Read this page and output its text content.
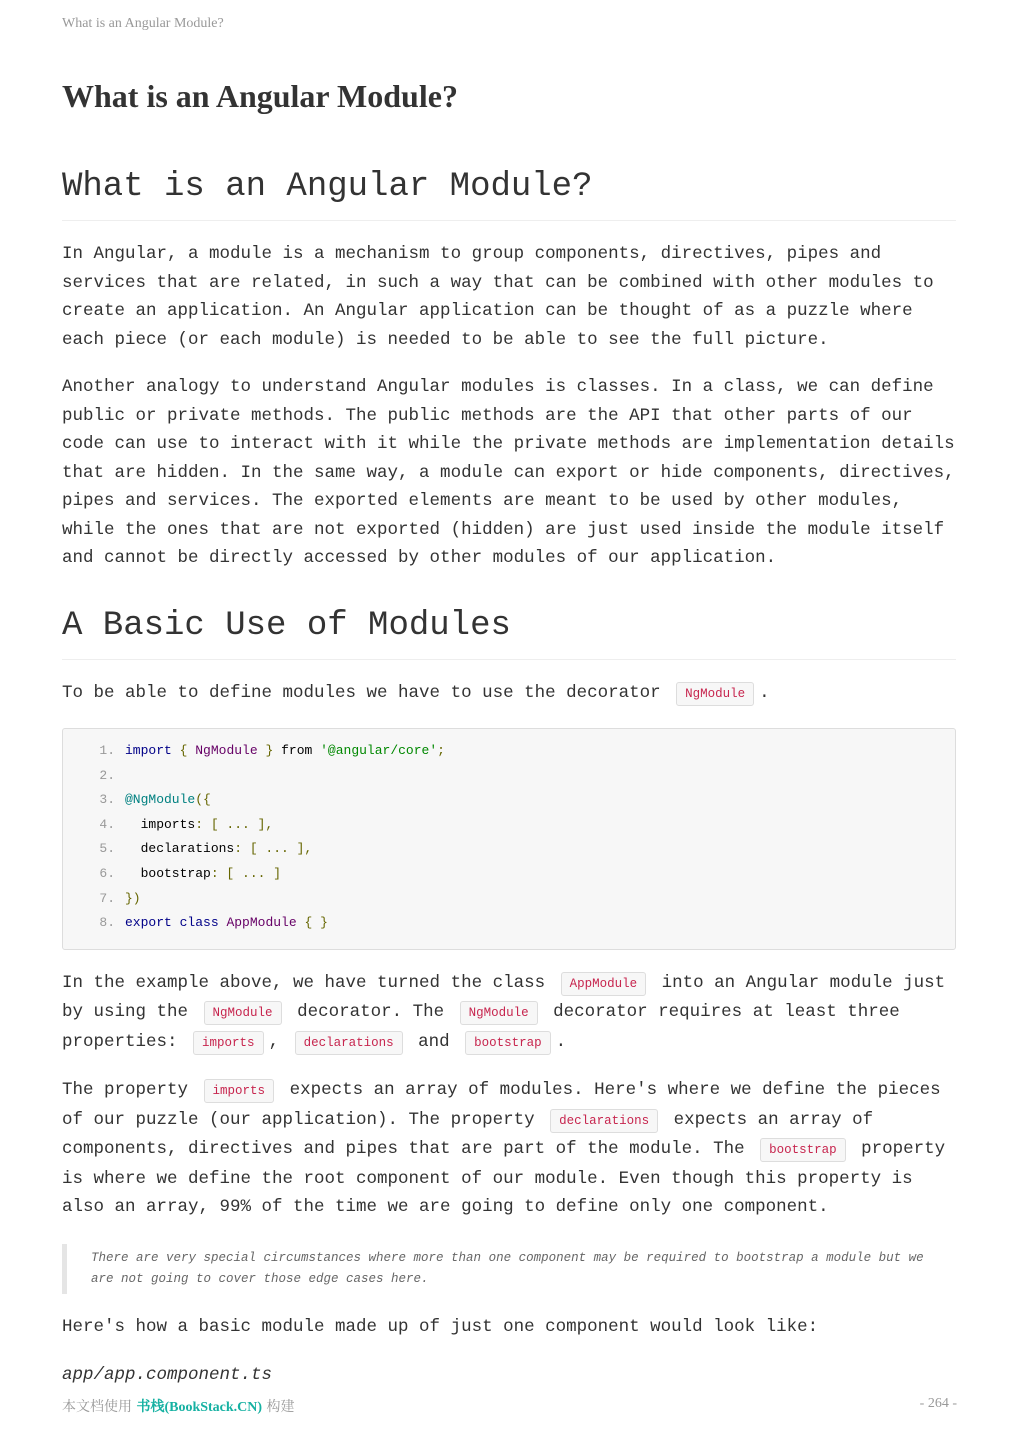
What is an Angular Module?
What is an Angular Module?
What is an Angular Module?

In Angular, a module is a mechanism to group components, directives, pipes and services that are related, in such a way that can be combined with other modules to create an application. An Angular application can be thought of as a puzzle where each piece (or each module) is needed to be able to see the full picture.

Another analogy to understand Angular modules is classes. In a class, we can define public or private methods. The public methods are the API that other parts of our code can use to interact with it while the private methods are implementation details that are hidden. In the same way, a module can export or hide components, directives, pipes and services. The exported elements are meant to be used by other modules, while the ones that are not exported (hidden) are just used inside the module itself and cannot be directly accessed by other modules of our application.

A Basic Use of Modules

To be able to define modules we have to use the decorator NgModule .

1. import { NgModule } from '@angular/core';
2.
3. @NgModule({
4.  imports: [ ... ],
5.  declarations: [ ... ],
6.  bootstrap: [ ... ]
7. })
8. export class AppModule { }

In the example above, we have turned the class AppModule into an Angular module just by using the NgModule decorator. The NgModule decorator requires at least three properties: imports , declarations and bootstrap .

The property imports expects an array of modules. Here's where we define the pieces of our puzzle (our application). The property declarations expects an array of components, directives and pipes that are part of the module. The bootstrap property is where we define the root component of our module. Even though this property is also an array, 99% of the time we are going to define only one component.

There are very special circumstances where more than one component may be required to bootstrap a module but we are not going to cover those edge cases here.

Here's how a basic module made up of just one component would look like:

app/app.component.ts

本文档使用 书栈(BookStack.CN) 构建	- 264 -
